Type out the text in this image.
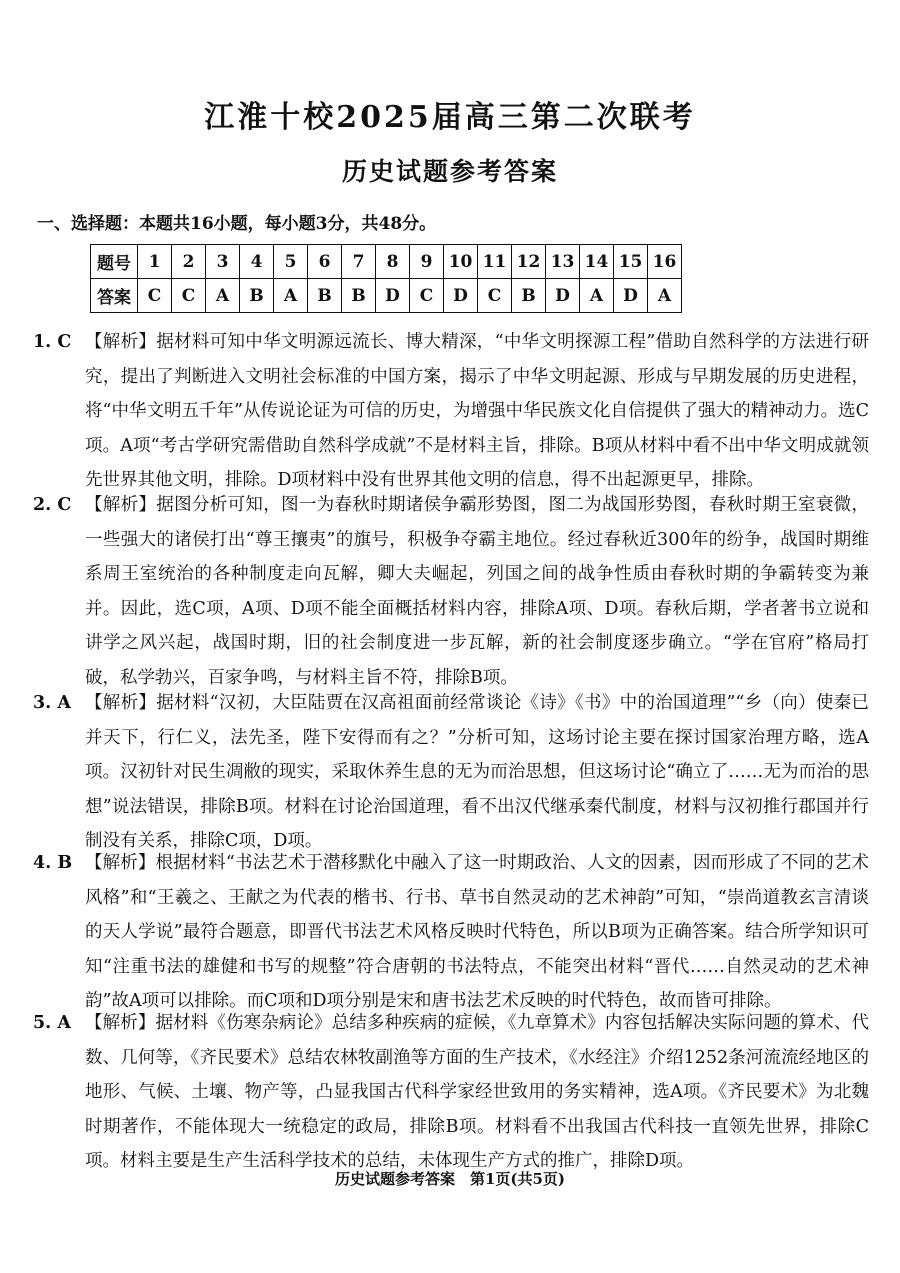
江淮十校2025届高三第二次联考
历史试题参考答案
一、选择题：本题共16小题，每小题3分，共48分。
题号	1	2	3	4	5	6	7	8	9	10	11	12	13	14	15	16
答案	C	C	A	B	A	B	B	D	C	D	C	B	D	A	D	A
1. C 【解析】据材料可知中华文明源远流长、博大精深，“中华文明探源工程”借助自然科学的方法进行研究，提出了判断进入文明社会标准的中国方案，揭示了中华文明起源、形成与早期发展的历史进程，将“中华文明五千年”从传说论证为可信的历史，为增强中华民族文化自信提供了强大的精神动力。选C项。A项“考古学研究需借助自然科学成就”不是材料主旨，排除。B项从材料中看不出中华文明成就领先世界其他文明，排除。D项材料中没有世界其他文明的信息，得不出起源更早，排除。
2. C 【解析】据图分析可知，图一为春秋时期诸侯争霸形势图，图二为战国形势图，春秋时期王室衰微，一些强大的诸侯打出“尊王攘夷”的旗号，积极争夺霸主地位。经过春秋近300年的纷争，战国时期维系周王室统治的各种制度走向瓦解，卿大夫崛起，列国之间的战争性质由春秋时期的争霸转变为兼并。因此，选C项，A项、D项不能全面概括材料内容，排除A项、D项。春秋后期，学者著书立说和讲学之风兴起，战国时期，旧的社会制度进一步瓦解，新的社会制度逐步确立。“学在官府”格局打破，私学勃兴，百家争鸣，与材料主旨不符，排除B项。
3. A 【解析】据材料“汉初，大臣陆贾在汉高祖面前经常谈论《诗》《书》中的治国道理”“乡（向）使秦已并天下，行仁义，法先圣，陛下安得而有之？”分析可知，这场讨论主要在探讨国家治理方略，选A项。汉初针对民生凋敝的现实，采取休养生息的无为而治思想，但这场讨论“确立了……无为而治的思想”说法错误，排除B项。材料在讨论治国道理，看不出汉代继承秦代制度，材料与汉初推行郡国并行制没有关系，排除C项，D项。
4. B 【解析】根据材料“书法艺术于潜移默化中融入了这一时期政治、人文的因素，因而形成了不同的艺术风格”和“王羲之、王献之为代表的楷书、行书、草书自然灵动的艺术神韵”可知，“崇尚道教玄言清谈的天人学说”最符合题意，即晋代书法艺术风格反映时代特色，所以B项为正确答案。结合所学知识可知“注重书法的雄健和书写的规整”符合唐朝的书法特点，不能突出材料“晋代……自然灵动的艺术神韵”故A项可以排除。而C项和D项分别是宋和唐书法艺术反映的时代特色，故而皆可排除。
5. A 【解析】据材料《伤寒杂病论》总结多种疾病的症候，《九章算术》内容包括解决实际问题的算术、代数、几何等，《齐民要术》总结农林牧副渔等方面的生产技术，《水经注》介绍1252条河流流经地区的地形、气候、土壤、物产等，凸显我国古代科学家经世致用的务实精神，选A项。《齐民要术》为北魏时期著作，不能体现大一统稳定的政局，排除B项。材料看不出我国古代科技一直领先世界，排除C项。材料主要是生产生活科学技术的总结，未体现生产方式的推广，排除D项。
历史试题参考答案　第1页(共5页)
